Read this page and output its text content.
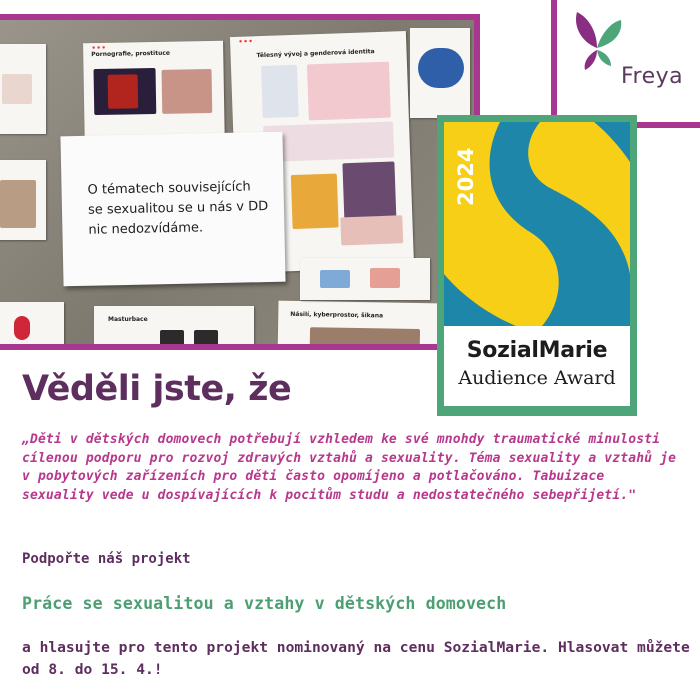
Pornografie, prostituce	Tělesný vývoj a genderová identita
Masturbace
Násilí, kyberprostor, šikana
O tématech souvisejících se sexualitou se u nás v DD nic nedozvídáme.
Freya
2024
SozialMarie
Audience Award
Věděli jste, že

„Děti v dětských domovech potřebují vzhledem ke své mnohdy traumatické minulosti cílenou podporu pro rozvoj zdravých vztahů a sexuality. Téma sexuality a vztahů je v pobytových zařízeních pro děti často opomíjeno a potlačováno. Tabuizace sexuality vede u dospívajících k pocitům studu a nedostatečného sebepřijetí."

Podpořte náš projekt

Práce se sexualitou a vztahy v dětských domovech

a hlasujte pro tento projekt nominovaný na cenu SozialMarie. Hlasovat můžete od 8. do 15. 4.!
